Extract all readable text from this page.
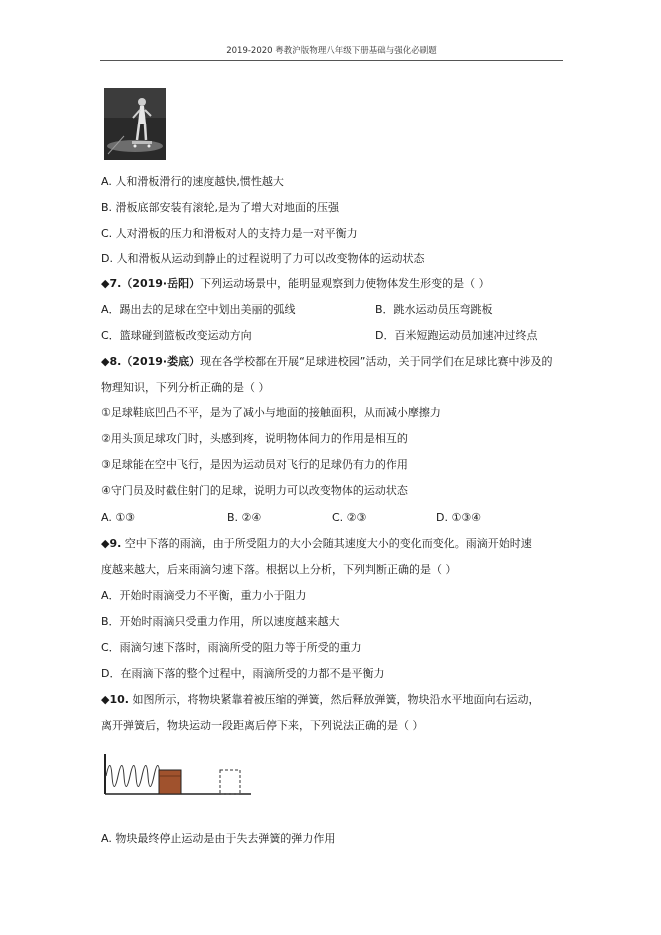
2019-2020 粤教沪版物理八年级下册基础与强化必刷题
A. 人和滑板滑行的速度越快,惯性越大
B. 滑板底部安装有滚轮,是为了增大对地面的压强
C. 人对滑板的压力和滑板对人的支持力是一对平衡力
D. 人和滑板从运动到静止的过程说明了力可以改变物体的运动状态
◆7.（2019·岳阳）下列运动场景中，能明显观察到力使物体发生形变的是（ ）
A．踢出去的足球在空中划出美丽的弧线	B．跳水运动员压弯跳板
C．篮球碰到篮板改变运动方向	D．百米短跑运动员加速冲过终点
◆8.（2019·娄底）现在各学校都在开展“足球进校园”活动，关于同学们在足球比赛中涉及的
物理知识，下列分析正确的是（ ）
①足球鞋底凹凸不平，是为了减小与地面的接触面积，从而减小摩擦力
②用头顶足球攻门时，头感到疼，说明物体间力的作用是相互的
③足球能在空中飞行，是因为运动员对飞行的足球仍有力的作用
④守门员及时截住射门的足球，说明力可以改变物体的运动状态
A. ①③	B. ②④	C. ②③	D. ①③④
◆9. 空中下落的雨滴，由于所受阻力的大小会随其速度大小的变化而变化。雨滴开始时速
度越来越大，后来雨滴匀速下落。根据以上分析，下列判断正确的是（ ）
A．开始时雨滴受力不平衡，重力小于阻力
B．开始时雨滴只受重力作用，所以速度越来越大
C．雨滴匀速下落时，雨滴所受的阻力等于所受的重力
D．在雨滴下落的整个过程中，雨滴所受的力都不是平衡力
◆10. 如图所示，将物块紧靠着被压缩的弹簧，然后释放弹簧，物块沿水平地面向右运动，
离开弹簧后，物块运动一段距离后停下来，下列说法正确的是（ ）
A. 物块最终停止运动是由于失去弹簧的弹力作用
